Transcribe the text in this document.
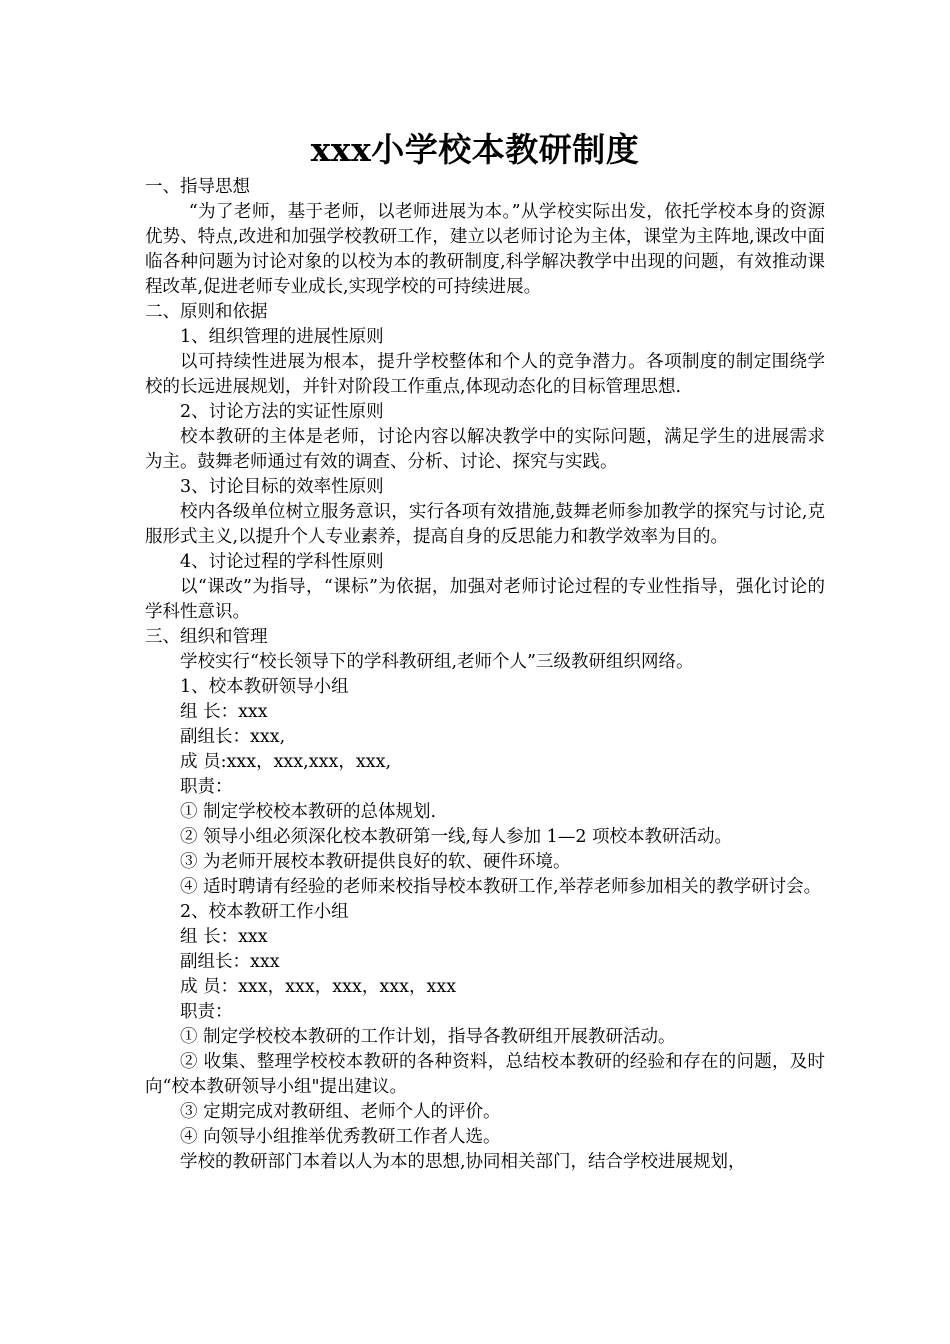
xxx小学校本教研制度

一、指导思想

“为了老师，基于老师，以老师进展为本。”从学校实际出发，依托学校本身的资源优势、特点,改进和加强学校教研工作，建立以老师讨论为主体，课堂为主阵地,课改中面临各种问题为讨论对象的以校为本的教研制度,科学解决教学中出现的问题，有效推动课程改革,促进老师专业成长,实现学校的可持续进展。

二、原则和依据

1、组织管理的进展性原则

以可持续性进展为根本，提升学校整体和个人的竞争潜力。各项制度的制定围绕学校的长远进展规划，并针对阶段工作重点,体现动态化的目标管理思想.

2、讨论方法的实证性原则

校本教研的主体是老师，讨论内容以解决教学中的实际问题，满足学生的进展需求为主。鼓舞老师通过有效的调查、分析、讨论、探究与实践。

3、讨论目标的效率性原则

校内各级单位树立服务意识，实行各项有效措施,鼓舞老师参加教学的探究与讨论,克服形式主义,以提升个人专业素养，提高自身的反思能力和教学效率为目的。

4、讨论过程的学科性原则

以“课改”为指导，“课标”为依据，加强对老师讨论过程的专业性指导，强化讨论的学科性意识。

三、组织和管理

学校实行“校长领导下的学科教研组,老师个人”三级教研组织网络。

1、校本教研领导小组

组 长：xxx

副组长：xxx,

成 员:xxx，xxx,xxx，xxx,

职责：

① 制定学校校本教研的总体规划.

② 领导小组必须深化校本教研第一线,每人参加 1—2 项校本教研活动。

③ 为老师开展校本教研提供良好的软、硬件环境。

④ 适时聘请有经验的老师来校指导校本教研工作,举荐老师参加相关的教学研讨会。

2、校本教研工作小组

组 长：xxx

副组长：xxx

成 员：xxx，xxx，xxx，xxx，xxx

职责：

① 制定学校校本教研的工作计划，指导各教研组开展教研活动。

② 收集、整理学校校本教研的各种资料，总结校本教研的经验和存在的问题，及时向“校本教研领导小组"提出建议。

③ 定期完成对教研组、老师个人的评价。

④ 向领导小组推举优秀教研工作者人选。

学校的教研部门本着以人为本的思想,协同相关部门，结合学校进展规划，
